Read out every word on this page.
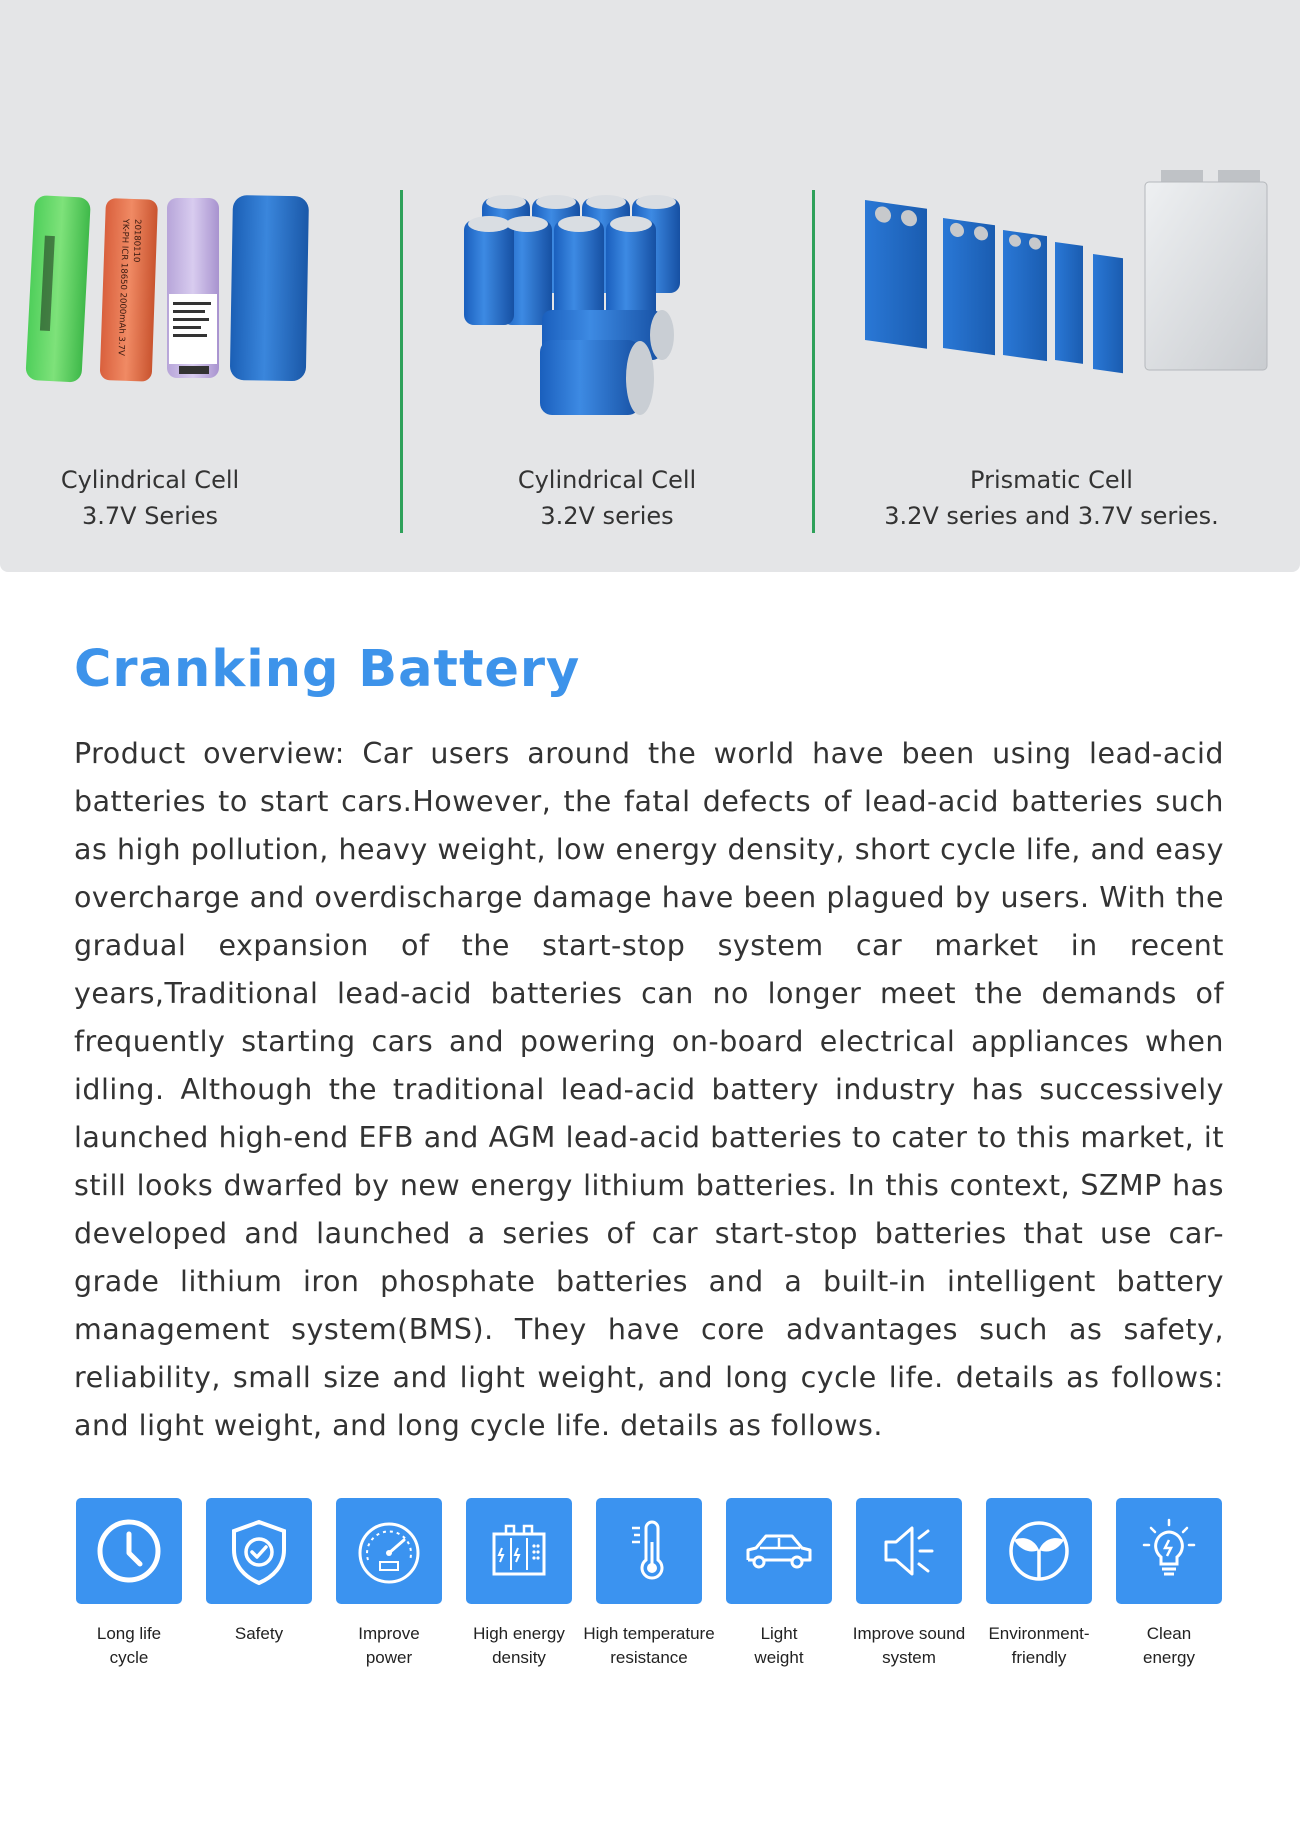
YK-PH ICR 18650 2000mAh 3.7V 20180110
Cylindrical Cell
3.7V Series
Cylindrical Cell
3.2V series
Prismatic Cell
3.2V series and 3.7V series.
Cranking Battery

Product overview: Car users around the world have been using lead-acid batteries to start cars.However, the fatal defects of lead-acid batteries such as high pollution, heavy weight, low energy density, short cycle life, and easy overcharge and overdischarge damage have been plagued by users. With the gradual expansion of the start-stop system car market in recent years,Traditional lead-acid batteries can no longer meet the demands of frequently starting cars and powering on-board electrical appliances when idling. Although the traditional lead-acid battery industry has successively launched high-end EFB and AGM lead-acid batteries to cater to this market, it still looks dwarfed by new energy lithium batteries. In this context, SZMP has developed and launched a series of car start-stop batteries that use car-grade lithium iron phosphate batteries and a built-in intelligent battery management system(BMS). They have core advantages such as safety, reliability, small size and light weight, and long cycle life. details as follows: and light weight, and long cycle life. details as follows.

Long life
cycle
Safety	Improve
power
High energy
density
High temperature
resistance
Light
weight
Improve sound
system
Environment-
friendly
Clean
energy
